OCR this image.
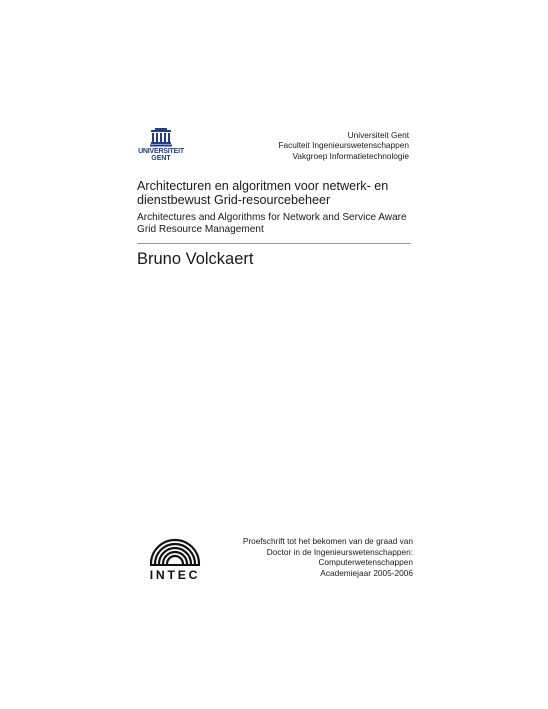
UNIVERSITEIT
GENT
Universiteit Gent
Faculteit Ingenieurswetenschappen
Vakgroep Informatietechnologie
Architecturen en algoritmen voor netwerk- en dienstbewust Grid-resourcebeheer
Architectures and Algorithms for Network and Service Aware Grid Resource Management
Bruno Volckaert
INTEC
Proefschrift tot het bekomen van de graad van
Doctor in de Ingenieurswetenschappen:
Computerwetenschappen
Academiejaar 2005-2006
